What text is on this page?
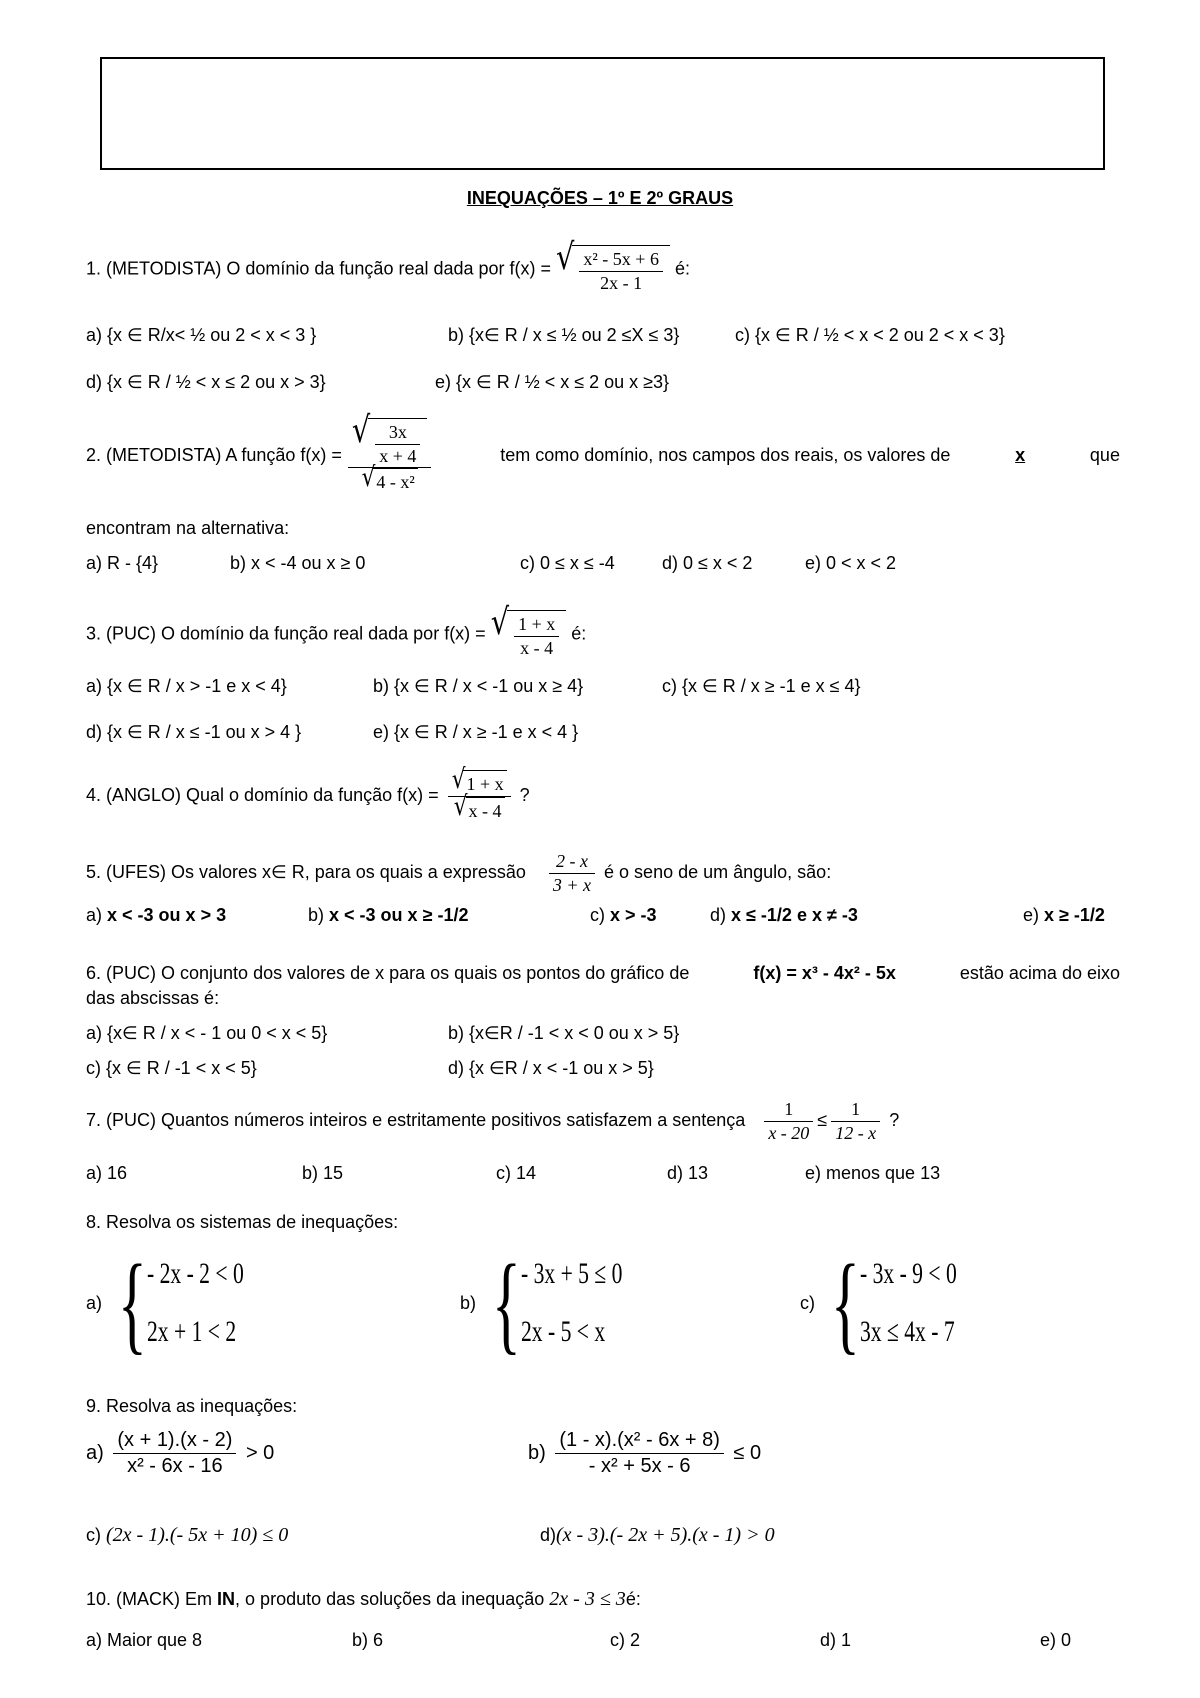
INEQUAÇÕES – 1º E 2º GRAUS
1. (METODISTA) O domínio da função real dada por f(x) = √ $\frac{\text{x² - 5x + 6}}{2x - 1}$ é:
a) {x ∈ R/x< ½ ou 2 < x < 3 }	b) {x∈ R / x ≤ ½ ou 2 ≤X ≤ 3}	c) {x ∈ R / ½ < x < 2 ou 2 < x < 3}
d) {x ∈ R / ½ < x ≤ 2 ou x > 3}	e) {x ∈ R / ½ < x ≤ 2 ou x ≥3}
2. (METODISTA) A função $f(x) = \frac{√ \frac{3x}{x + 4}}{\text{√ 4 - x²}}$	tem como domínio, nos campos dos reais, os valores de	x	que
encontram na alternativa:
a) R - {4}	b) x < -4 ou x ≥ 0	c) 0 ≤ x ≤ -4	d) 0 ≤ x < 2	e) 0 < x < 2
3. (PUC) O domínio da função real dada por f(x) = √ $\frac{1 + x}{x - 4}$ é:
a) {x ∈ R / x > -1 e x < 4}	b) {x ∈ R / x < -1 ou x ≥ 4}	c) {x ∈ R / x ≥ -1 e x ≤ 4}
d) {x ∈ R / x ≤ -1 ou x > 4 }	e) {x ∈ R / x ≥ -1 e x < 4 }
4. (ANGLO) Qual o domínio da função $f(x) = \frac{√ 1 + x}{√ x - 4}$ ?
5. (UFES) Os valores x∈ R, para os quais a expressão $\frac{2 - x}{3 + x}$ é o seno de um ângulo, são:
a) x < -3 ou x > 3	b) x < -3 ou x ≥ -1/2	c) x > -3	d) x ≤ -1/2 e x ≠ -3	e) x ≥ -1/2
6. (PUC) O conjunto dos valores de x para os quais os pontos do gráfico de	f(x) = x³ - 4x² - 5x	estão acima do eixo
das abscissas é:
a) {x∈ R / x < - 1 ou 0 < x < 5}	b) {x∈R / -1 < x < 0 ou x > 5}
c) {x ∈ R / -1 < x < 5}	d) {x ∈R / x < -1 ou x > 5}
7. (PUC) Quantos números inteiros e estritamente positivos satisfazem a sentença $\frac{1}{x - 20} \le \frac{1}{12 - x}$ ?
a) 16	b) 15	c) 14	d) 13	e) menos que 13
8. Resolva os sistemas de inequações:
a) { - 2x - 2 < 0
2x + 1 < 2
b) { - 3x + 5 ≤ 0
2x - 5 < x
c) { - 3x - 9 < 0
3x ≤ 4x - 7
9. Resolva as inequações:
$a) \frac{(x + 1).(x - 2)}{\text{x² - 6x - 16}} > 0$	$b) \frac{\text{(1 - x).(x² - 6x + 8)}}{\text{- x² + 5x - 6}} \le 0$
c) (2x - 1).(- 5x + 10) ≤ 0	d)(x - 3).(- 2x + 5).(x - 1) > 0
10. (MACK) Em IN, o produto das soluções da inequação 2x - 3 ≤ 3é:
a) Maior que 8	b) 6	c) 2	d) 1	e) 0
